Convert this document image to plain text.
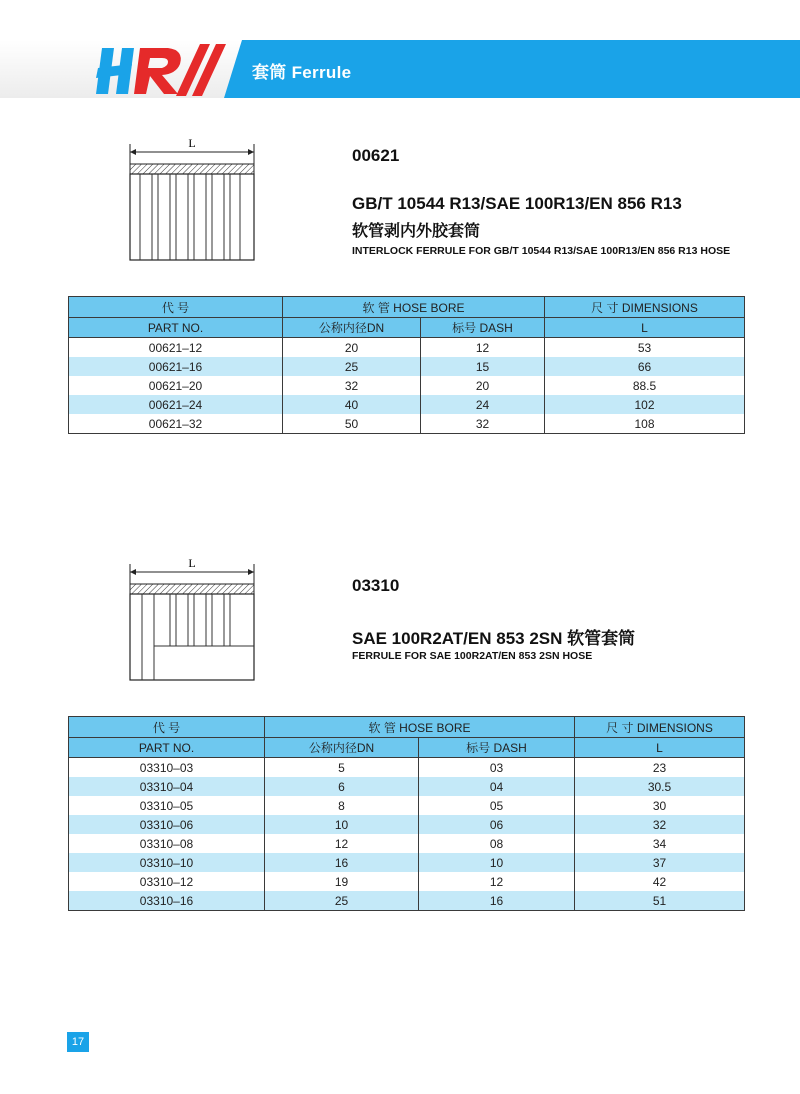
套筒 Ferrule
L
00621
GB/T 10544 R13/SAE 100R13/EN 856 R13
软管剥内外胶套筒
INTERLOCK FERRULE FOR GB/T 10544 R13/SAE 100R13/EN 856 R13 HOSE
代 号	软 管 HOSE BORE		尺 寸 DIMENSIONS
PART NO.	公称内径DN	标号 DASH	L
00621–12	20	12	53
00621–16	25	15	66
00621–20	32	20	88.5
00621–24	40	24	102
00621–32	50	32	108
L
03310
SAE 100R2AT/EN 853 2SN 软管套筒
FERRULE FOR SAE 100R2AT/EN 853 2SN HOSE
代 号	软 管 HOSE BORE		尺 寸 DIMENSIONS
PART NO.	公称内径DN	标号 DASH	L
03310–03	5	03	23
03310–04	6	04	30.5
03310–05	8	05	30
03310–06	10	06	32
03310–08	12	08	34
03310–10	16	10	37
03310–12	19	12	42
03310–16	25	16	51
17
